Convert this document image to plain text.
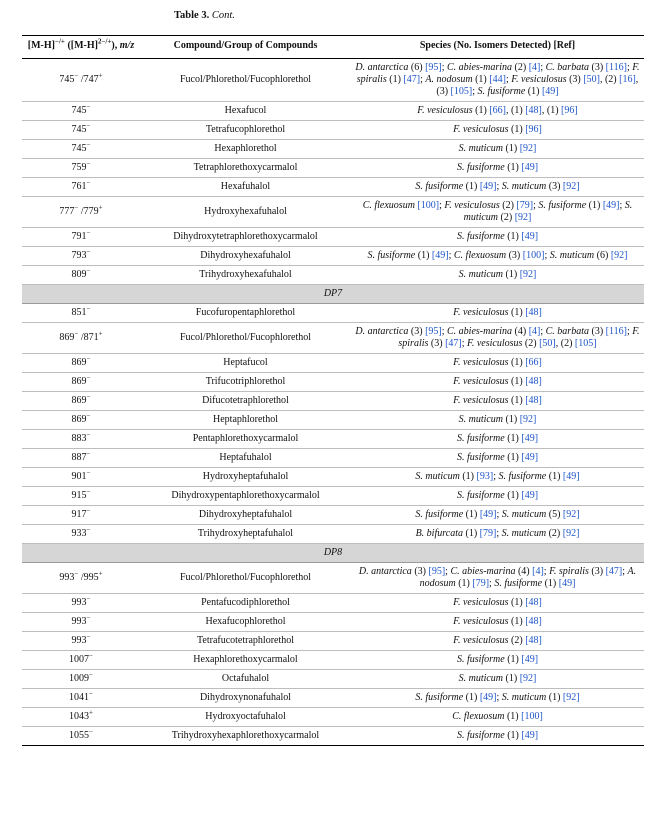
Table 3. Cont.
[M-H]−/+ $([M-H]^{2-/+})$, m/z	Compound/Group of Compounds	Species (No. Isomers Detected) [Ref]
745− /747+	Fucol/Phlorethol/Fucophlorethol	D. antarctica (6) [95]; C. abies-marina (2) [4]; C. barbata (3) [116]; F. spiralis (1) [47]; A. nodosum (1) [44]; F. vesiculosus (3) [50], (2) [16], (3) [105]; S. fusiforme (1) [49]
745−	Hexafucol	F. vesiculosus (1) [66], (1) [48], (1) [96]
745−	Tetrafucophlorethol	F. vesiculosus (1) [96]
745−	Hexaphlorethol	S. muticum (1) [92]
759−	Tetraphlorethoxycarmalol	S. fusiforme (1) [49]
761−	Hexafuhalol	S. fusiforme (1) [49]; S. muticum (3) [92]
777− /779+	Hydroxyhexafuhalol	C. flexuosum [100]; F. vesiculosus (2) [79]; S. fusiforme (1) [49]; S. muticum (2) [92]
791−	Dihydroxytetraphlorethoxycarmalol	S. fusiforme (1) [49]
793−	Dihydroxyhexafuhalol	S. fusiforme (1) [49]; C. flexuosum (3) [100]; S. muticum (6) [92]
809−	Trihydroxyhexafuhalol	S. muticum (1) [92]
DP7		
851−	Fucofuropentaphlorethol	F. vesiculosus (1) [48]
869− /871+	Fucol/Phlorethol/Fucophlorethol	D. antarctica (3) [95]; C. abies-marina (4) [4]; C. barbata (3) [116]; F. spiralis (3) [47]; F. vesiculosus (2) [50], (2) [105]
869−	Heptafucol	F. vesiculosus (1) [66]
869−	Trifucotriphlorethol	F. vesiculosus (1) [48]
869−	Difucotetraphlorethol	F. vesiculosus (1) [48]
869−	Heptaphlorethol	S. muticum (1) [92]
883−	Pentaphlorethoxycarmalol	S. fusiforme (1) [49]
887−	Heptafuhalol	S. fusiforme (1) [49]
901−	Hydroxyheptafuhalol	S. muticum (1) [93]; S. fusiforme (1) [49]
915−	Dihydroxypentaphlorethoxycarmalol	S. fusiforme (1) [49]
917−	Dihydroxyheptafuhalol	S. fusiforme (1) [49]; S. muticum (5) [92]
933−	Trihydroxyheptafuhalol	B. bifurcata (1) [79]; S. muticum (2) [92]
DP8		
993− /995+	Fucol/Phlorethol/Fucophlorethol	D. antarctica (3) [95]; C. abies-marina (4) [4]; F. spiralis (3) [47]; A. nodosum (1) [79]; S. fusiforme (1) [49]
993−	Pentafucodiphlorethol	F. vesiculosus (1) [48]
993−	Hexafucophlorethol	F. vesiculosus (1) [48]
993−	Tetrafucotetraphlorethol	F. vesiculosus (2) [48]
1007−	Hexaphlorethoxycarmalol	S. fusiforme (1) [49]
1009−	Octafuhalol	S. muticum (1) [92]
1041−	Dihydroxynonafuhalol	S. fusiforme (1) [49]; S. muticum (1) [92]
1043+	Hydroxyoctafuhalol	C. flexuosum (1) [100]
1055−	Trihydroxyhexaphlorethoxycarmalol	S. fusiforme (1) [49]
